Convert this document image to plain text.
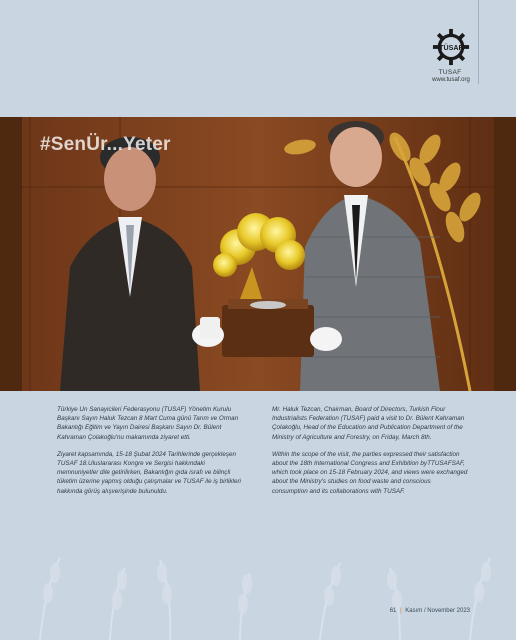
TÜSAF
TUSAF
www.tusaf.org
#SenÜr...Yeter

Türkiye Un Sanayicileri Federasyonu (TUSAF) Yönetim Kurulu Başkanı Sayın Haluk Tezcan 8 Mart Cuma günü Tarım ve Orman Bakanlığı Eğitim ve Yayın Dairesi Başkanı Sayın Dr. Bülent Kahraman Çolakoğlu'nu makamında ziyaret etti.

Ziyaret kapsamında, 15-18 Şubat 2024 Tarihlerinde gerçekleşen TUSAF 18.Uluslararası Kongre ve Sergisi hakkındaki memnuniyetler dile getirilirken, Bakanlığın gıda israfı ve bilinçli tüketim üzerine yapmış olduğu çalışmalar ve TUSAF ile iş birlikleri hakkında görüş alışverişinde bulunuldu.

Mr. Haluk Tezcan, Chairman, Board of Directors, Turkish Flour Industrialists Federation (TUSAF) paid a visit to Dr. Bülent Kahraman Çolakoğlu, Head of the Education and Publication Department of the Ministry of Agriculture and Forestry, on Friday, March 8th.

Within the scope of the visit, the parties expressed their satisfaction about the 18th International Congress and Exhibition byTTUSAFSAF, which took place on 15-18 February 2024, and views were exchanged about the Ministry's studies on food waste and conscious consumption and its collaborations with TUSAF.

61 | Kasım / November 2023
